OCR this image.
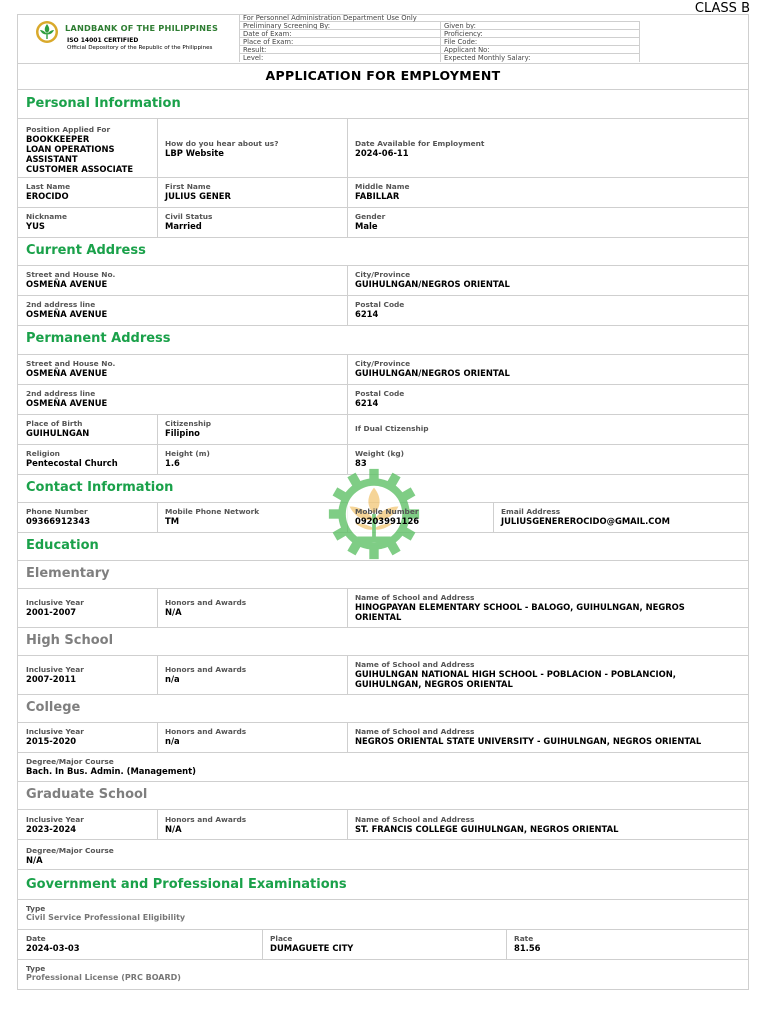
CLASS B
LANDBANK OF THE PHILIPPINES
ISO 14001 CERTIFIED
Official Depository of the Republic of the Philippines
For Personnel Administration Department Use Only
Preliminary Screening By:
Date of Exam:
Place of Exam:
Result:
Level:
Given by:
Proficiency:
File Code:
Applicant No:
Expected Monthly Salary:
APPLICATION FOR EMPLOYMENT
Personal Information
Position Applied For
BOOKKEEPER
LOAN OPERATIONS
ASSISTANT
CUSTOMER ASSOCIATE
How do you hear about us?
LBP Website
Date Available for Employment
2024-06-11
Last Name
EROCIDO
First Name
JULIUS GENER
Middle Name
FABILLAR
Nickname
YUS
Civil Status
Married
Gender
Male
Current Address
Street and House No.
OSMEÑA AVENUE
City/Province
GUIHULNGAN/NEGROS ORIENTAL
2nd address line
OSMEÑA AVENUE
Postal Code
6214
Permanent Address
Street and House No.
OSMEÑA AVENUE
City/Province
GUIHULNGAN/NEGROS ORIENTAL
2nd address line
OSMEÑA AVENUE
Postal Code
6214
Place of Birth
GUIHULNGAN
Citizenship
Filipino	If Dual Ctizenship
Religion
Pentecostal Church
Height (m)
1.6
Weight (kg)
83
Contact Information
Phone Number
09366912343
Mobile Phone Network
TM
Mobile Number
09203991126
Email Address
JULIUSGENEREROCIDO@GMAIL.COM
Education
Elementary
Inclusive Year
2001-2007
Honors and Awards
N/A
Name of School and Address
HINOGPAYAN ELEMENTARY SCHOOL - BALOGO, GUIHULNGAN, NEGROS
ORIENTAL
High School
Inclusive Year
2007-2011
Honors and Awards
n/a
Name of School and Address
GUIHULNGAN NATIONAL HIGH SCHOOL - POBLACION - POBLANCION,
GUIHULNGAN, NEGROS ORIENTAL
College
Inclusive Year
2015-2020
Honors and Awards
n/a
Name of School and Address
NEGROS ORIENTAL STATE UNIVERSITY - GUIHULNGAN, NEGROS ORIENTAL
Degree/Major Course
Bach. In Bus. Admin. (Management)
Graduate School
Inclusive Year
2023-2024
Honors and Awards
N/A
Name of School and Address
ST. FRANCIS COLLEGE GUIHULNGAN, NEGROS ORIENTAL
Degree/Major Course
N/A
Government and Professional Examinations
Type
Civil Service Professional Eligibility
Date
2024-03-03
Place
DUMAGUETE CITY
Rate
81.56
Type
Professional License (PRC BOARD)
